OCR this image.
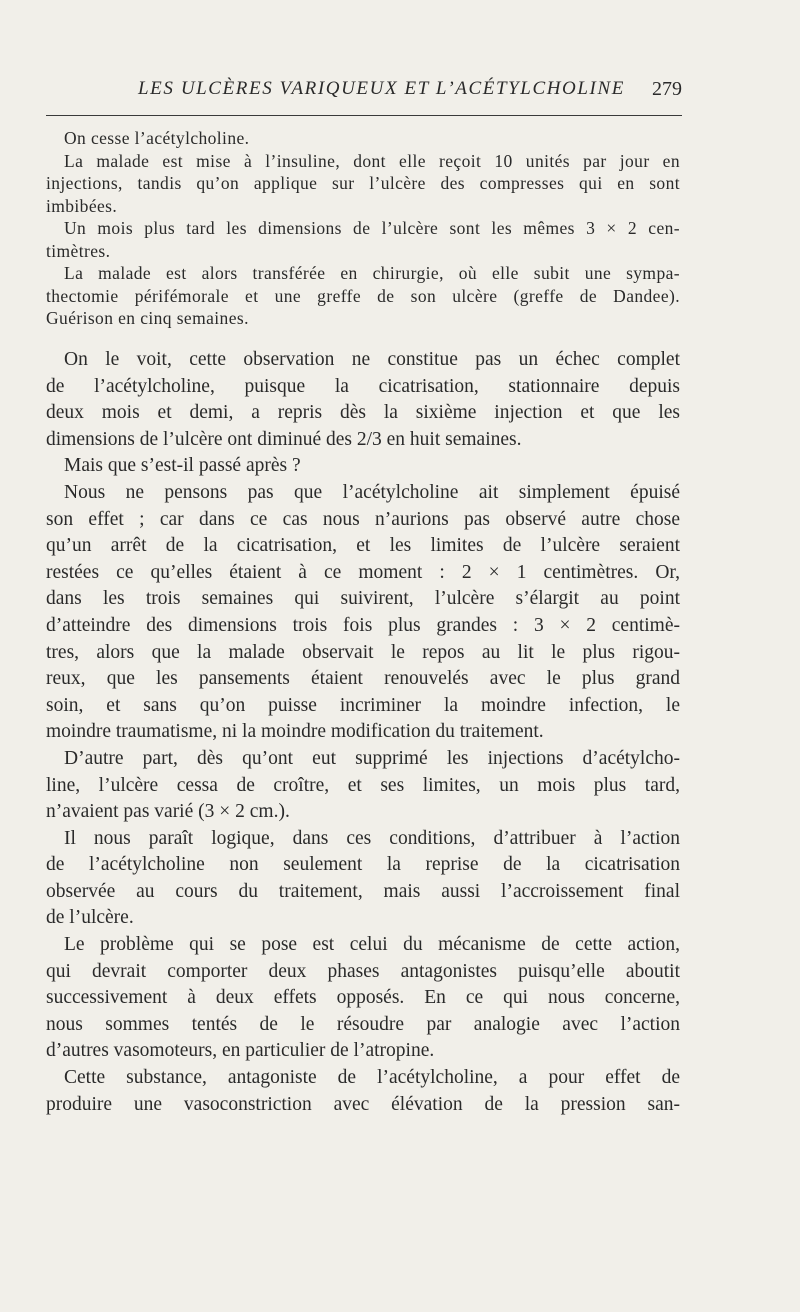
LES ULCÈRES VARIQUEUX ET L’ACÉTYLCHOLINE 279
On cesse l’acétylcholine.
La malade est mise à l’insuline, dont elle reçoit 10 unités par jour en
injections, tandis qu’on applique sur l’ulcère des compresses qui en sont
imbibées.
Un mois plus tard les dimensions de l’ulcère sont les mêmes 3 × 2 cen-
timètres.
La malade est alors transférée en chirurgie, où elle subit une sympa-
thectomie périfémorale et une greffe de son ulcère (greffe de Dandee).
Guérison en cinq semaines.
On le voit, cette observation ne constitue pas un échec complet
de l’acétylcholine, puisque la cicatrisation, stationnaire depuis
deux mois et demi, a repris dès la sixième injection et que les
dimensions de l’ulcère ont diminué des 2/3 en huit semaines.
Mais que s’est-il passé après ?
Nous ne pensons pas que l’acétylcholine ait simplement épuisé
son effet ; car dans ce cas nous n’aurions pas observé autre chose
qu’un arrêt de la cicatrisation, et les limites de l’ulcère seraient
restées ce qu’elles étaient à ce moment : 2 × 1 centimètres. Or,
dans les trois semaines qui suivirent, l’ulcère s’élargit au point
d’atteindre des dimensions trois fois plus grandes : 3 × 2 centimè-
tres, alors que la malade observait le repos au lit le plus rigou-
reux, que les pansements étaient renouvelés avec le plus grand
soin, et sans qu’on puisse incriminer la moindre infection, le
moindre traumatisme, ni la moindre modification du traitement.
D’autre part, dès qu’ont eut supprimé les injections d’acétylcho-
line, l’ulcère cessa de croître, et ses limites, un mois plus tard,
n’avaient pas varié (3 × 2 cm.).
Il nous paraît logique, dans ces conditions, d’attribuer à l’action
de l’acétylcholine non seulement la reprise de la cicatrisation
observée au cours du traitement, mais aussi l’accroissement final
de l’ulcère.
Le problème qui se pose est celui du mécanisme de cette action,
qui devrait comporter deux phases antagonistes puisqu’elle aboutit
successivement à deux effets opposés. En ce qui nous concerne,
nous sommes tentés de le résoudre par analogie avec l’action
d’autres vasomoteurs, en particulier de l’atropine.
Cette substance, antagoniste de l’acétylcholine, a pour effet de
produire une vasoconstriction avec élévation de la pression san-
